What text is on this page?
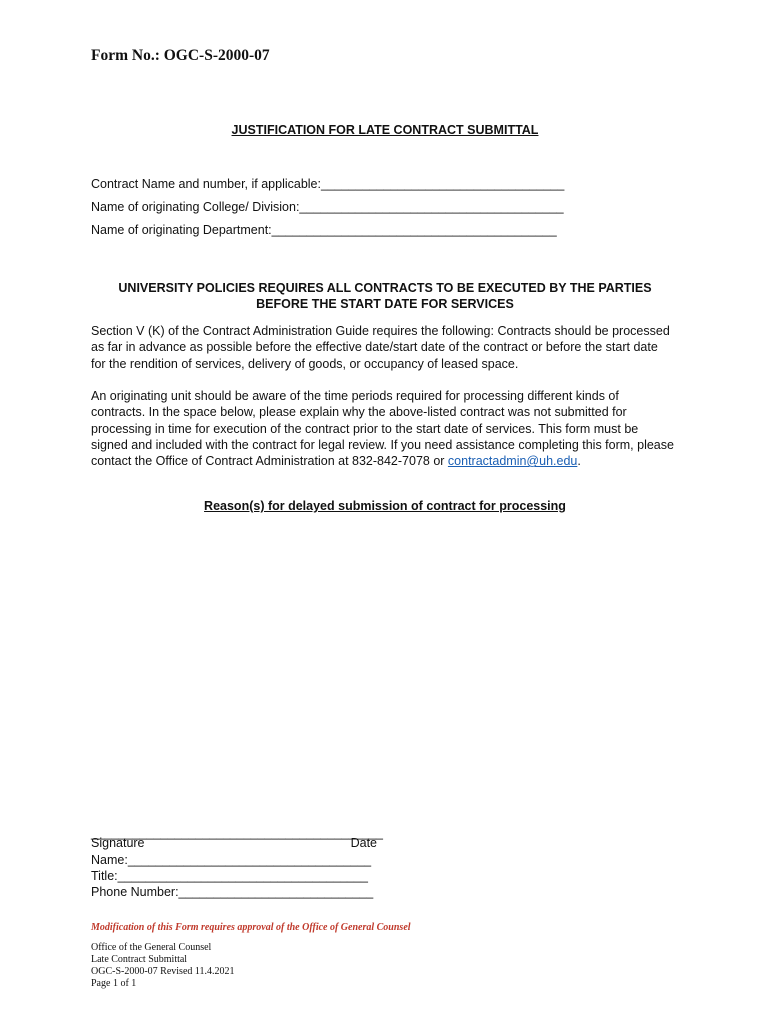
Form No.: OGC-S-2000-07
JUSTIFICATION FOR LATE CONTRACT SUBMITTAL
Contract Name and number, if applicable:___________________________________
Name of originating College/ Division:______________________________________
Name of originating Department:_________________________________________
UNIVERSITY POLICIES REQUIRES ALL CONTRACTS TO BE EXECUTED BY THE PARTIES
BEFORE THE START DATE FOR SERVICES
Section V (K) of the Contract Administration Guide requires the following: Contracts should be processed
as far in advance as possible before the effective date/start date of the contract or before the start date
for the rendition of services, delivery of goods, or occupancy of leased space.
An originating unit should be aware of the time periods required for processing different kinds of
contracts. In the space below, please explain why the above-listed contract was not submitted for
processing in time for execution of the contract prior to the start date of services. This form must be
signed and included with the contract for legal review. If you need assistance completing this form, please
contact the Office of Contract Administration at 832-842-7078 or contractadmin@uh.edu.
Reason(s) for delayed submission of contract for processing
__________________________________________
Signature	Date
Name:___________________________________
Title:____________________________________
Phone Number:____________________________
Modification of this Form requires approval of the Office of General Counsel
Office of the General Counsel
Late Contract Submittal
OGC-S-2000-07 Revised 11.4.2021
Page 1 of 1
